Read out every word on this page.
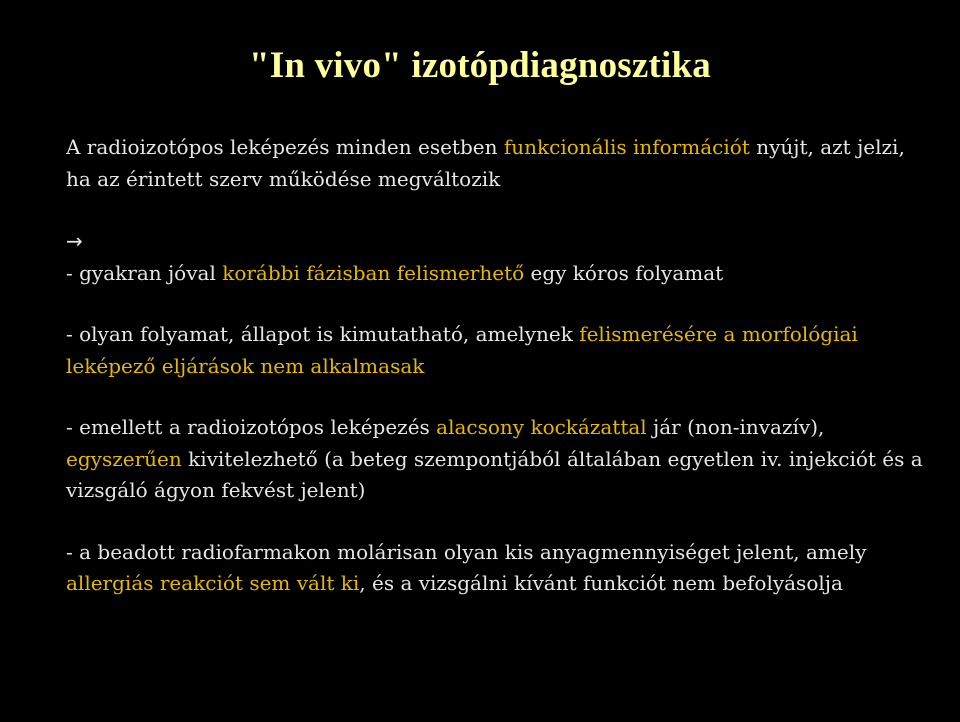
"In vivo" izotópdiagnosztika

A radioizotópos leképezés minden esetben funkcionális információt nyújt, azt jelzi, ha az érintett szerv működése megváltozik

→

- gyakran jóval korábbi fázisban felismerhető egy kóros folyamat

- olyan folyamat, állapot is kimutatható, amelynek felismerésére a morfológiai leképező eljárások nem alkalmasak

- emellett a radioizotópos leképezés alacsony kockázattal jár (non-invazív), egyszerűen kivitelezhető (a beteg szempontjából általában egyetlen iv. injekciót és a vizsgáló ágyon fekvést jelent)

- a beadott radiofarmakon molárisan olyan kis anyagmennyiséget jelent, amely allergiás reakciót sem vált ki, és a vizsgálni kívánt funkciót nem befolyásolja
